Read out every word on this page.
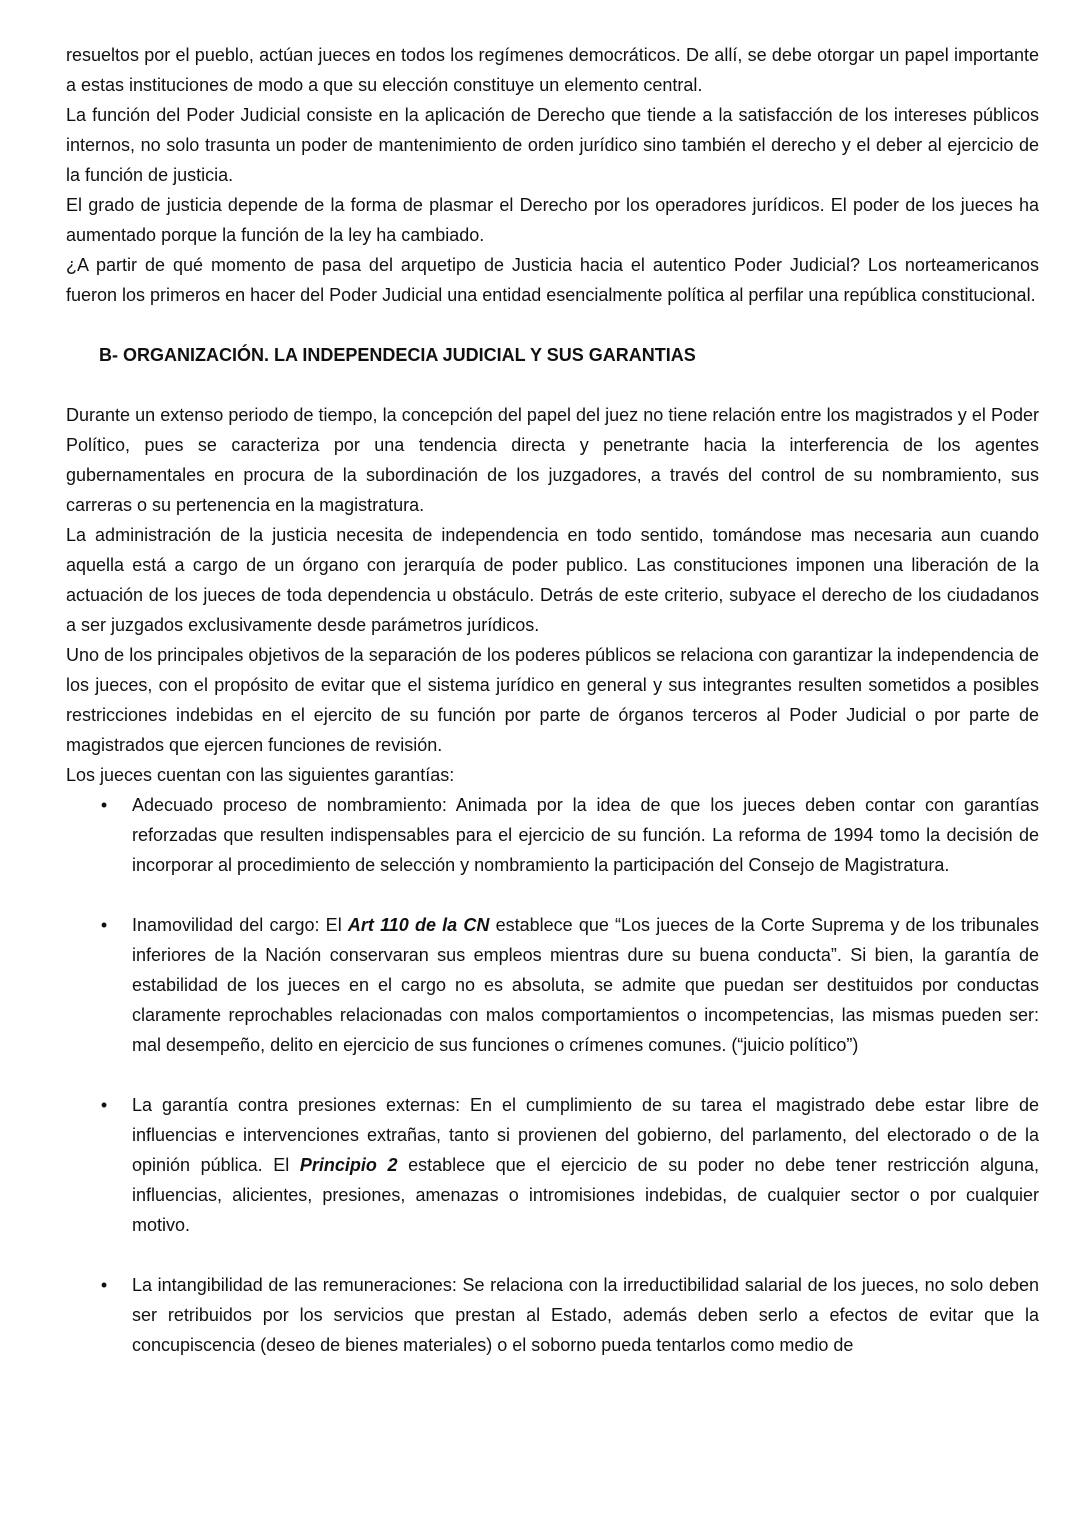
resueltos por el pueblo, actúan jueces en todos los regímenes democráticos. De allí, se debe otorgar un papel importante a estas instituciones de modo a que su elección constituye un elemento central.

La función del Poder Judicial consiste en la aplicación de Derecho que tiende a la satisfacción de los intereses públicos internos, no solo trasunta un poder de mantenimiento de orden jurídico sino también el derecho y el deber al ejercicio de la función de justicia.

El grado de justicia depende de la forma de plasmar el Derecho por los operadores jurídicos. El poder de los jueces ha aumentado porque la función de la ley ha cambiado.

¿A partir de qué momento de pasa del arquetipo de Justicia hacia el autentico Poder Judicial? Los norteamericanos fueron los primeros en hacer del Poder Judicial una entidad esencialmente política al perfilar una república constitucional.

B- ORGANIZACIÓN. LA INDEPENDECIA JUDICIAL Y SUS GARANTIAS

Durante un extenso periodo de tiempo, la concepción del papel del juez no tiene relación entre los magistrados y el Poder Político, pues se caracteriza por una tendencia directa y penetrante hacia la interferencia de los agentes gubernamentales en procura de la subordinación de los juzgadores, a través del control de su nombramiento, sus carreras o su pertenencia en la magistratura.

La administración de la justicia necesita de independencia en todo sentido, tomándose mas necesaria aun cuando aquella está a cargo de un órgano con jerarquía de poder publico. Las constituciones imponen una liberación de la actuación de los jueces de toda dependencia u obstáculo. Detrás de este criterio, subyace el derecho de los ciudadanos a ser juzgados exclusivamente desde parámetros jurídicos.

Uno de los principales objetivos de la separación de los poderes públicos se relaciona con garantizar la independencia de los jueces, con el propósito de evitar que el sistema jurídico en general y sus integrantes resulten sometidos a posibles restricciones indebidas en el ejercito de su función por parte de órganos terceros al Poder Judicial o por parte de magistrados que ejercen funciones de revisión.

Los jueces cuentan con las siguientes garantías:

• Adecuado proceso de nombramiento: Animada por la idea de que los jueces deben contar con garantías reforzadas que resulten indispensables para el ejercicio de su función. La reforma de 1994 tomo la decisión de incorporar al procedimiento de selección y nombramiento la participación del Consejo de Magistratura.
• Inamovilidad del cargo: El Art 110 de la CN establece que “Los jueces de la Corte Suprema y de los tribunales inferiores de la Nación conservaran sus empleos mientras dure su buena conducta”. Si bien, la garantía de estabilidad de los jueces en el cargo no es absoluta, se admite que puedan ser destituidos por conductas claramente reprochables relacionadas con malos comportamientos o incompetencias, las mismas pueden ser: mal desempeño, delito en ejercicio de sus funciones o crímenes comunes. (“juicio político”)
• La garantía contra presiones externas: En el cumplimiento de su tarea el magistrado debe estar libre de influencias e intervenciones extrañas, tanto si provienen del gobierno, del parlamento, del electorado o de la opinión pública. El Principio 2 establece que el ejercicio de su poder no debe tener restricción alguna, influencias, alicientes, presiones, amenazas o intromisiones indebidas, de cualquier sector o por cualquier motivo.
• La intangibilidad de las remuneraciones: Se relaciona con la irreductibilidad salarial de los jueces, no solo deben ser retribuidos por los servicios que prestan al Estado, además deben serlo a efectos de evitar que la concupiscencia (deseo de bienes materiales) o el soborno pueda tentarlos como medio de
